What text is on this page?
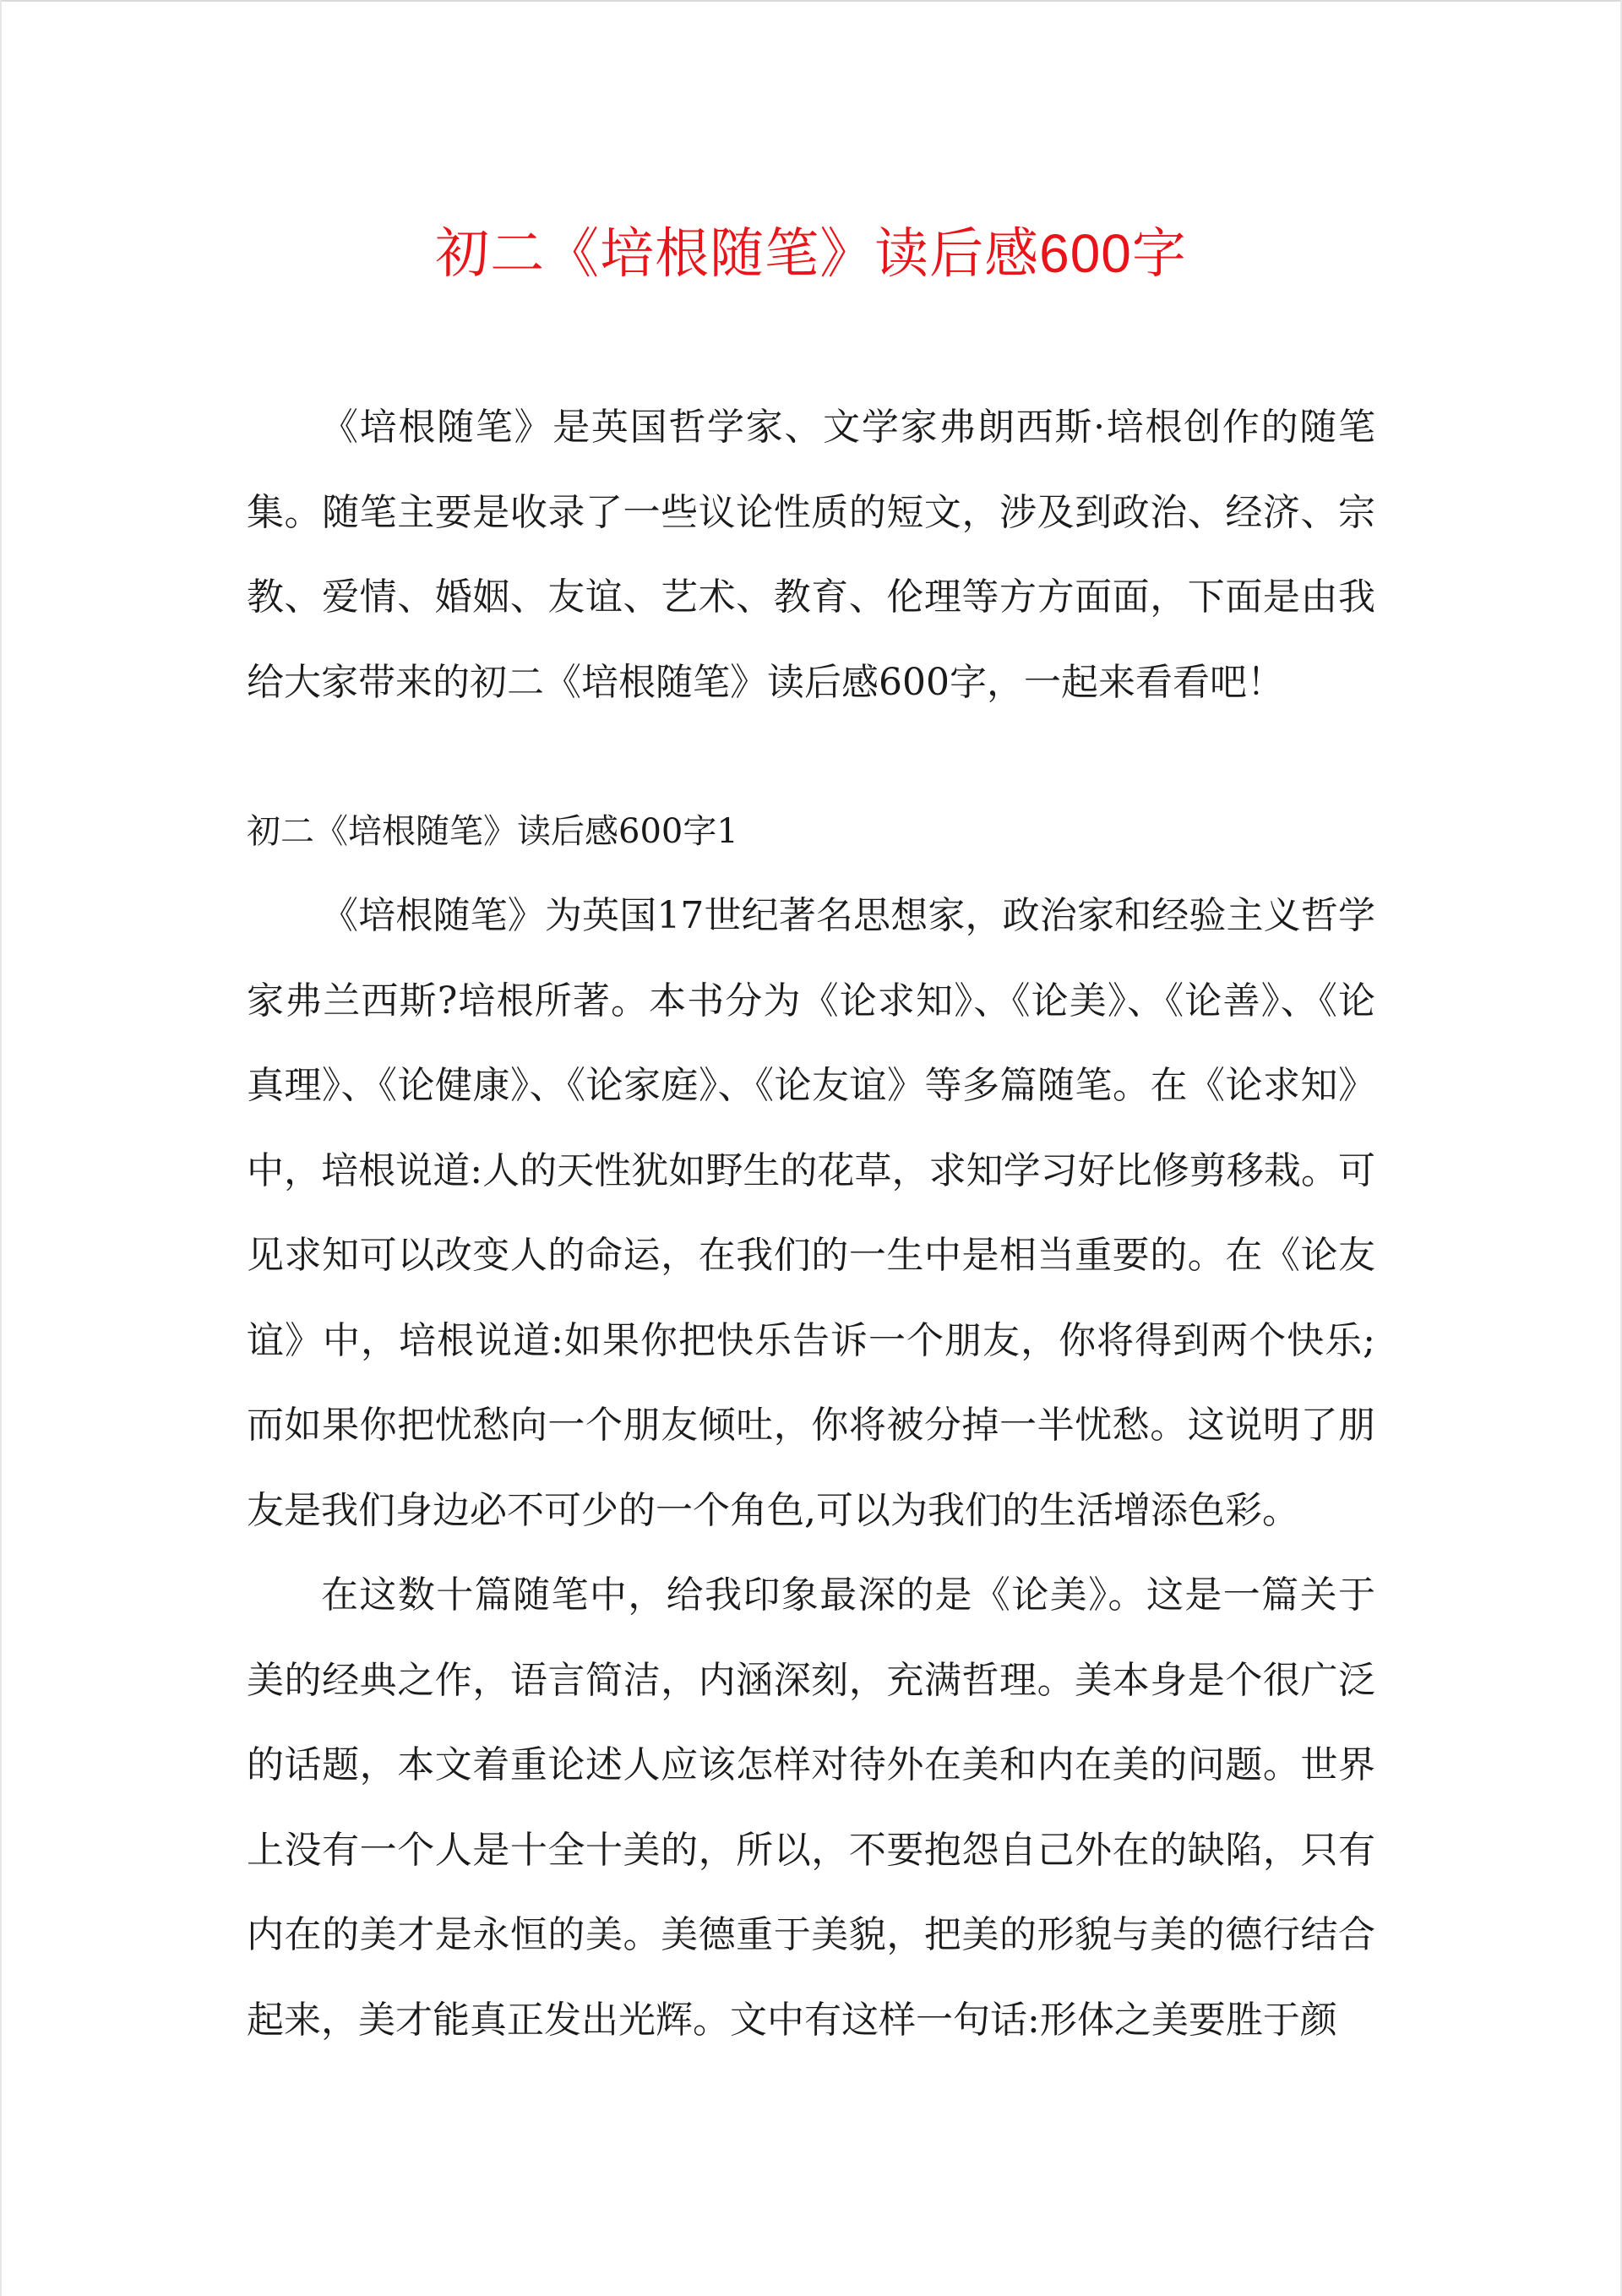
初二《培根随笔》读后感600字

《培根随笔》是英国哲学家、文学家弗朗西斯·培根创作的随笔集。随笔主要是收录了一些议论性质的短文，涉及到政治、经济、宗教、爱情、婚姻、友谊、艺术、教育、伦理等方方面面，下面是由我给大家带来的初二《培根随笔》读后感600字，一起来看看吧！

初二《培根随笔》读后感600字1

《培根随笔》为英国17世纪著名思想家，政治家和经验主义哲学家弗兰西斯?培根所著。本书分为《论求知》、《论美》、《论善》、《论真理》、《论健康》、《论家庭》、《论友谊》等多篇随笔。在《论求知》中，培根说道:人的天性犹如野生的花草，求知学习好比修剪移栽。可见求知可以改变人的命运，在我们的一生中是相当重要的。在《论友谊》中，培根说道:如果你把快乐告诉一个朋友，你将得到两个快乐;而如果你把忧愁向一个朋友倾吐，你将被分掉一半忧愁。这说明了朋友是我们身边必不可少的一个角色,可以为我们的生活增添色彩。

在这数十篇随笔中，给我印象最深的是《论美》。这是一篇关于美的经典之作，语言简洁，内涵深刻，充满哲理。美本身是个很广泛的话题，本文着重论述人应该怎样对待外在美和内在美的问题。世界上没有一个人是十全十美的，所以，不要抱怨自己外在的缺陷，只有内在的美才是永恒的美。美德重于美貌，把美的形貌与美的德行结合起来，美才能真正发出光辉。文中有这样一句话:形体之美要胜于颜
